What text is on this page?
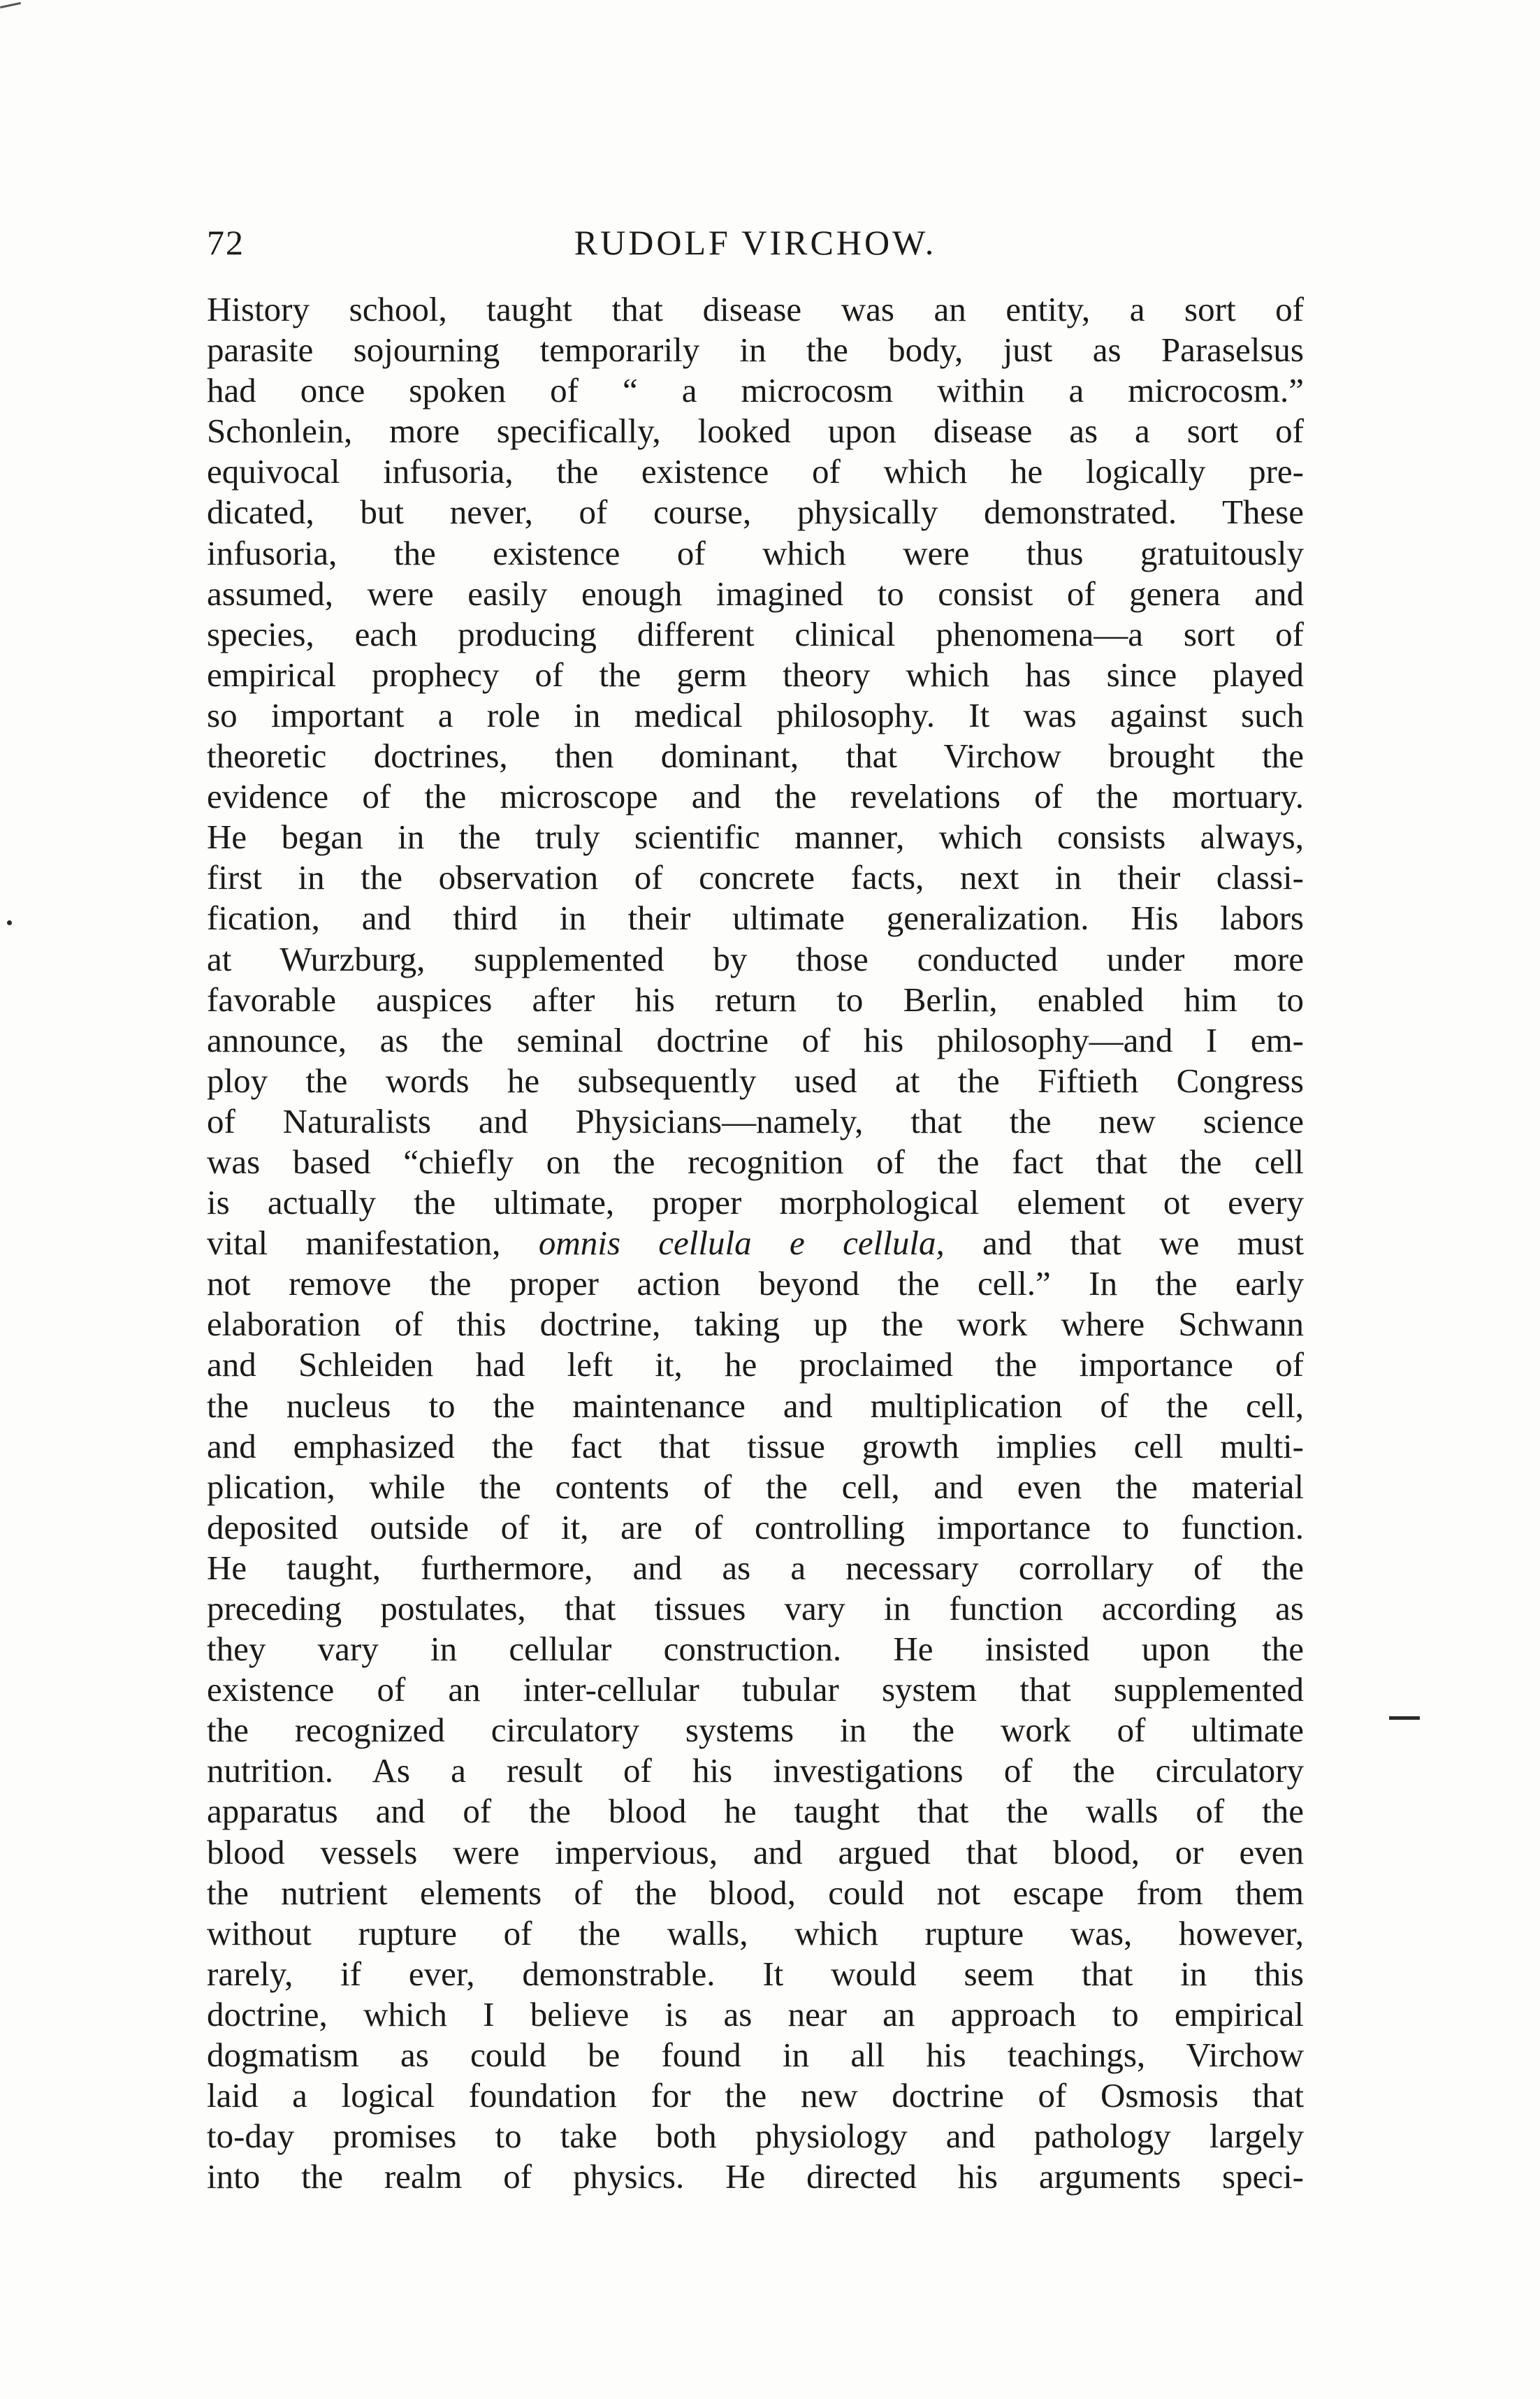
72	RUDOLF VIRCHOW.
History school, taught that disease was an entity, a sort of
parasite sojourning temporarily in the body, just as Paraselsus
had once spoken of “ a microcosm within a microcosm.”
Schonlein, more specifically, looked upon disease as a sort of
equivocal infusoria, the existence of which he logically pre-
dicated, but never, of course, physically demonstrated. These
infusoria, the existence of which were thus gratuitously
assumed, were easily enough imagined to consist of genera and
species, each producing different clinical phenomena—a sort of
empirical prophecy of the germ theory which has since played
so important a role in medical philosophy. It was against such
theoretic doctrines, then dominant, that Virchow brought the
evidence of the microscope and the revelations of the mortuary.
He began in the truly scientific manner, which consists always,
first in the observation of concrete facts, next in their classi-
fication, and third in their ultimate generalization. His labors
at Wurzburg, supplemented by those conducted under more
favorable auspices after his return to Berlin, enabled him to
announce, as the seminal doctrine of his philosophy—and I em-
ploy the words he subsequently used at the Fiftieth Congress
of Naturalists and Physicians—namely, that the new science
was based “chiefly on the recognition of the fact that the cell
is actually the ultimate, proper morphological element ot every
vital manifestation, omnis cellula e cellula, and that we must
not remove the proper action beyond the cell.” In the early
elaboration of this doctrine, taking up the work where Schwann
and Schleiden had left it, he proclaimed the importance of
the nucleus to the maintenance and multiplication of the cell,
and emphasized the fact that tissue growth implies cell multi-
plication, while the contents of the cell, and even the material
deposited outside of it, are of controlling importance to function.
He taught, furthermore, and as a necessary corrollary of the
preceding postulates, that tissues vary in function according as
they vary in cellular construction. He insisted upon the
existence of an inter-cellular tubular system that supplemented
the recognized circulatory systems in the work of ultimate
nutrition. As a result of his investigations of the circulatory
apparatus and of the blood he taught that the walls of the
blood vessels were impervious, and argued that blood, or even
the nutrient elements of the blood, could not escape from them
without rupture of the walls, which rupture was, however,
rarely, if ever, demonstrable. It would seem that in this
doctrine, which I believe is as near an approach to empirical
dogmatism as could be found in all his teachings, Virchow
laid a logical foundation for the new doctrine of Osmosis that
to-day promises to take both physiology and pathology largely
into the realm of physics. He directed his arguments speci-
